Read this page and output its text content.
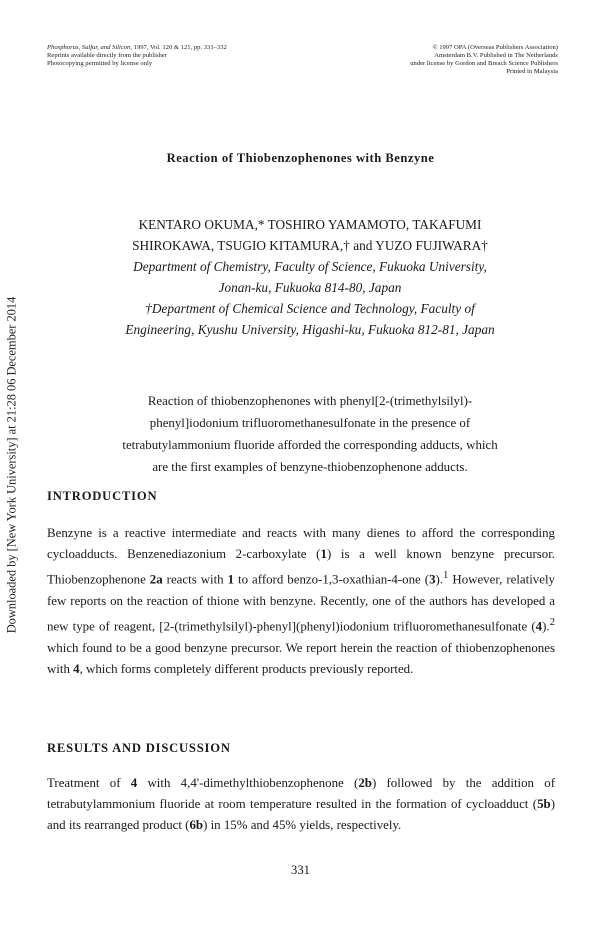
Phosphorus, Sulfur, and Silicon, 1997, Vol. 120 & 121, pp. 331–332
Reprints available directly from the publisher
Photocopying permitted by license only
© 1997 OPA (Overseas Publishers Association)
Amsterdam B.V. Published in The Netherlands
under license by Gordon and Breach Science Publishers
Printed in Malaysia
Downloaded by [New York University] at 21:28 06 December 2014
Reaction of Thiobenzophenones with Benzyne
KENTARO OKUMA,* TOSHIRO YAMAMOTO, TAKAFUMI
SHIROKAWA, TSUGIO KITAMURA,† and YUZO FUJIWARA†
Department of Chemistry, Faculty of Science, Fukuoka University,
Jonan-ku, Fukuoka 814-80, Japan
†Department of Chemical Science and Technology, Faculty of
Engineering, Kyushu University, Higashi-ku, Fukuoka 812-81, Japan
Reaction of thiobenzophenones with phenyl[2-(trimethylsilyl)-
phenyl]iodonium trifluoromethanesulfonate in the presence of
tetrabutylammonium fluoride afforded the corresponding adducts, which
are the first examples of benzyne-thiobenzophenone adducts.
INTRODUCTION
Benzyne is a reactive intermediate and reacts with many dienes to afford the corresponding cycloadducts. Benzenediazonium 2-carboxylate (1) is a well known benzyne precursor. Thiobenzophenone 2a reacts with 1 to afford benzo-1,3-oxathian-4-one (3).$^1$ However, relatively few reports on the reaction of thione with benzyne. Recently, one of the authors has developed a new type of reagent, [2-(trimethylsilyl)-phenyl](phenyl)iodonium trifluoromethanesulfonate (4).$^2$ which found to be a good benzyne precursor. We report herein the reaction of thiobenzophenones with 4, which forms completely different products previously reported.
RESULTS AND DISCUSSION
Treatment of 4 with 4,4'-dimethylthiobenzophenone (2b) followed by the addition of tetrabutylammonium fluoride at room temperature resulted in the formation of cycloadduct (5b) and its rearranged product (6b) in 15% and 45% yields, respectively.
331
